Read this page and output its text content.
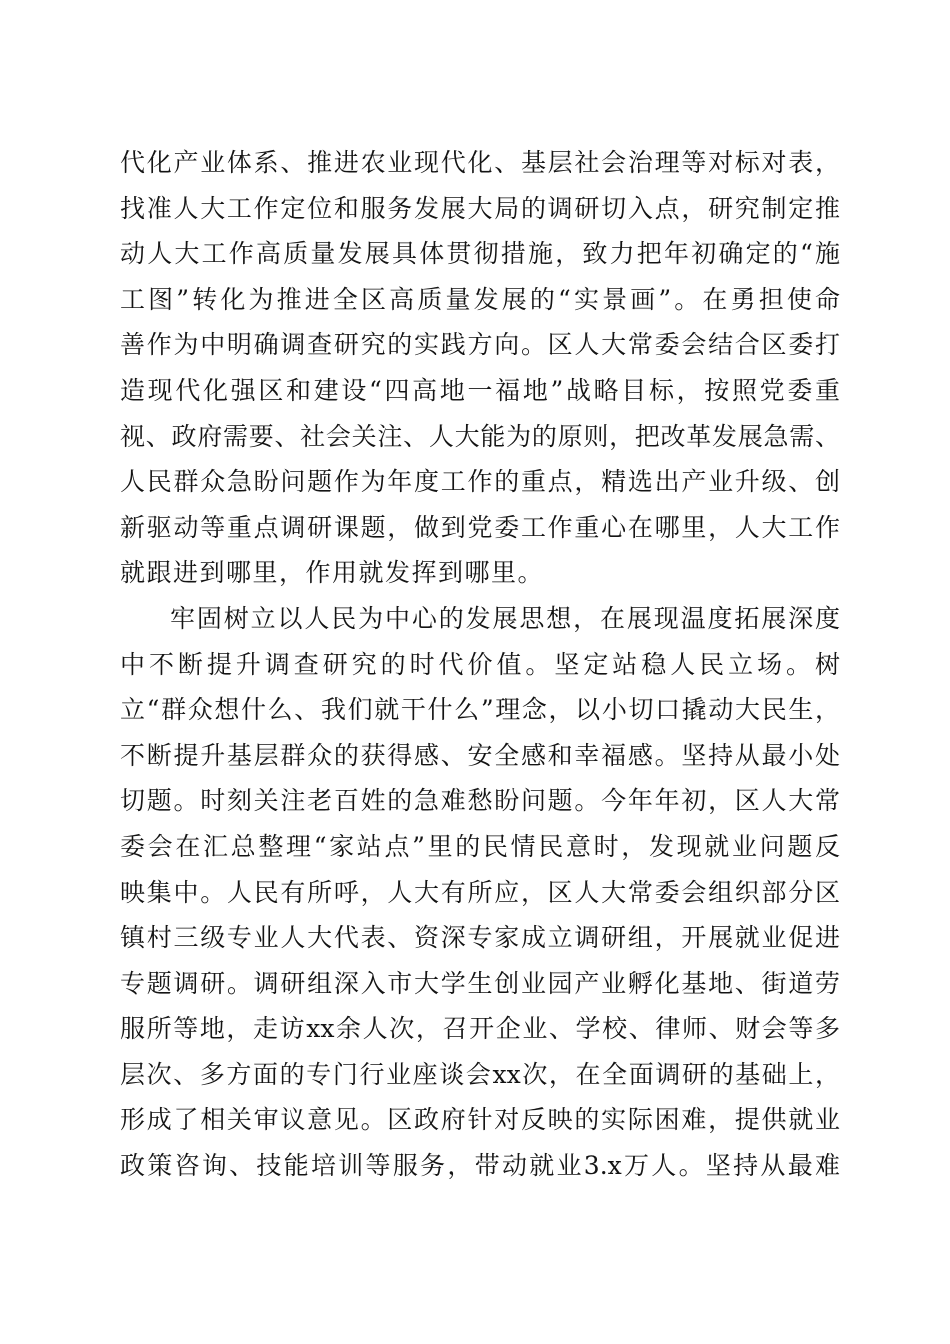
代化产业体系、推进农业现代化、基层社会治理等对标对表，
找准人大工作定位和服务发展大局的调研切入点，研究制定推
动人大工作高质量发展具体贯彻措施，致力把年初确定的“施
工图”转化为推进全区高质量发展的“实景画”。在勇担使命
善作为中明确调查研究的实践方向。区人大常委会结合区委打
造现代化强区和建设“四高地一福地”战略目标，按照党委重
视、政府需要、社会关注、人大能为的原则，把改革发展急需、
人民群众急盼问题作为年度工作的重点，精选出产业升级、创
新驱动等重点调研课题，做到党委工作重心在哪里，人大工作
就跟进到哪里，作用就发挥到哪里。
牢固树立以人民为中心的发展思想，在展现温度拓展深度
中不断提升调查研究的时代价值。坚定站稳人民立场。树
立“群众想什么、我们就干什么”理念，以小切口撬动大民生，
不断提升基层群众的获得感、安全感和幸福感。坚持从最小处
切题。时刻关注老百姓的急难愁盼问题。今年年初，区人大常
委会在汇总整理“家站点”里的民情民意时，发现就业问题反
映集中。人民有所呼，人大有所应，区人大常委会组织部分区
镇村三级专业人大代表、资深专家成立调研组，开展就业促进
专题调研。调研组深入市大学生创业园产业孵化基地、街道劳
服所等地，走访xx余人次，召开企业、学校、律师、财会等多
层次、多方面的专门行业座谈会xx次，在全面调研的基础上，
形成了相关审议意见。区政府针对反映的实际困难，提供就业
政策咨询、技能培训等服务，带动就业3.x万人。坚持从最难
